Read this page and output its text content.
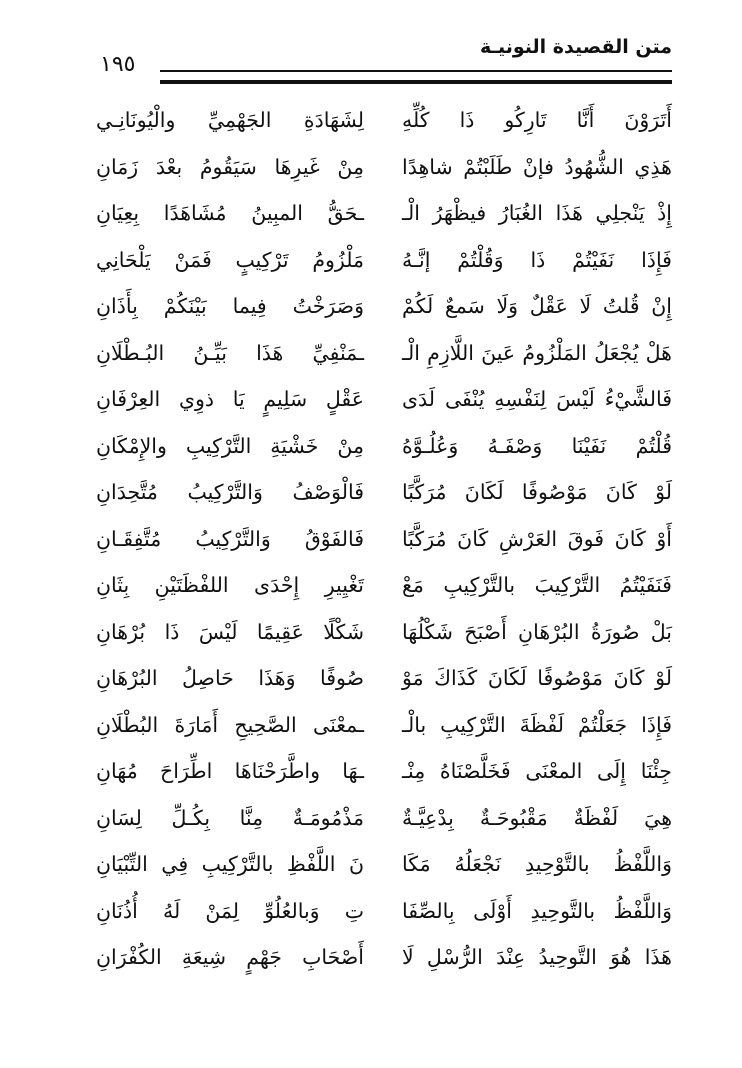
متن القصيدة النونيـة
١٩٥
أَتَرَوْنَ أَنَّا تَارِكُو ذَا كُلِّهِ
لِشَهَادَةِ الجَهْمِيِّ والْيُونَانِـي
هَذِي الشُّهُودُ فإنْ طَلَبْتُمْ شاهِدًا
مِنْ غَيرِهَا سَيَقُومُ بعْدَ زَمَانِ
إِذْ يَنْجلِي هَذَا الغُبَارُ فيظْهَرُ الْـ
ـحَقُّ المبِينُ مُشَاهَدًا بِعِيَانِ
فَإِذَا نَفَيْتُمْ ذَا وَقُلْتُمْ إنَّـهُ
مَلْزُومُ تَرْكِيبٍ فَمَنْ يَلْحَانِي
إِنْ قُلتُ لَا عَقْلٌ وَلَا سَمعٌ لَكُمْ
وَصَرَخْتُ فِيما بَيْنَكُمْ بِأَذَانِ
هَلْ يُجْعَلُ المَلْزُومُ عَينَ اللَّازِمِ الْـ
ـمَنْفِيِّ هَذَا بَيِّـنُ البُـطْلَانِ
فَالشَّيْءُ لَيْسَ لِنَفْسِهِ يُنْفَى لَدَى
عَقْلٍ سَلِيمٍ يَا ذوِي العِرْفَانِ
قُلْتُمْ نَفَيْنَا وَصْفَـهُ وَعُلُـوَّهُ
مِنْ خَشْيَةِ التَّرْكِيبِ والإِمْكَانِ
لَوْ كَانَ مَوْصُوفًا لَكَانَ مُرَكَّبًا
فَالْوَصْفُ وَالتَّرْكِيبُ مُتَّحِدَانِ
أَوْ كَانَ فَوقَ العَرْشِ كَانَ مُرَكَّبًا
فَالفَوْقُ وَالتَّرْكِيبُ مُتَّفِقَـانِ
فَنَفَيْتُمُ التَّرْكِيبَ بالتَّرْكِيبِ مَعْ
تَغْيِيرِ إِحْدَى اللفْظَتَيْنِ بِثَانِ
بَلْ صُورَةُ البُرْهَانِ أَصْبَحَ شَكْلُهَا
شَكْلًا عَقِيمًا لَيْسَ ذَا بُرْهَانِ
لَوْ كَانَ مَوْصُوفًا لَكَانَ كَذَاكَ مَوْ
صُوفًا وَهَذَا حَاصِلُ البُرْهَانِ
فَإِذَا جَعَلْتُمْ لَفْظَةَ التَّرْكِيبِ بالْـ
ـمعْنَى الصَّحِيحِ أَمَارَةَ البُطْلَانِ
جِئْنَا إِلَى المعْنَى فَخَلَّصْنَاهُ مِنْـ
ـهَا واطَّرَحْنَاهَا اطِّرَاحَ مُهَانِ
هِيَ لَفْظَةٌ مَقْبُوحَـةٌ بِدْعِيَّـةٌ
مَذْمُومَـةٌ مِنَّا بِكُـلِّ لِسَانِ
وَاللَّفْظُ بالتَّوْحِيدِ نَجْعَلُهُ مَكَا
نَ اللَّفْظِ بالتَّرْكِيبِ فِي التِّبْيَانِ
وَاللَّفْظُ بالتَّوحِيدِ أَوْلَى بِالصِّفَا
تِ وَبالعُلُوِّ لِمَنْ لَهُ أُذُنَانِ
هَذَا هُوَ التَّوحِيدُ عِنْدَ الرُّسْلِ لَا
أَصْحَابِ جَهْمٍ شِيعَةِ الكُفْرَانِ
